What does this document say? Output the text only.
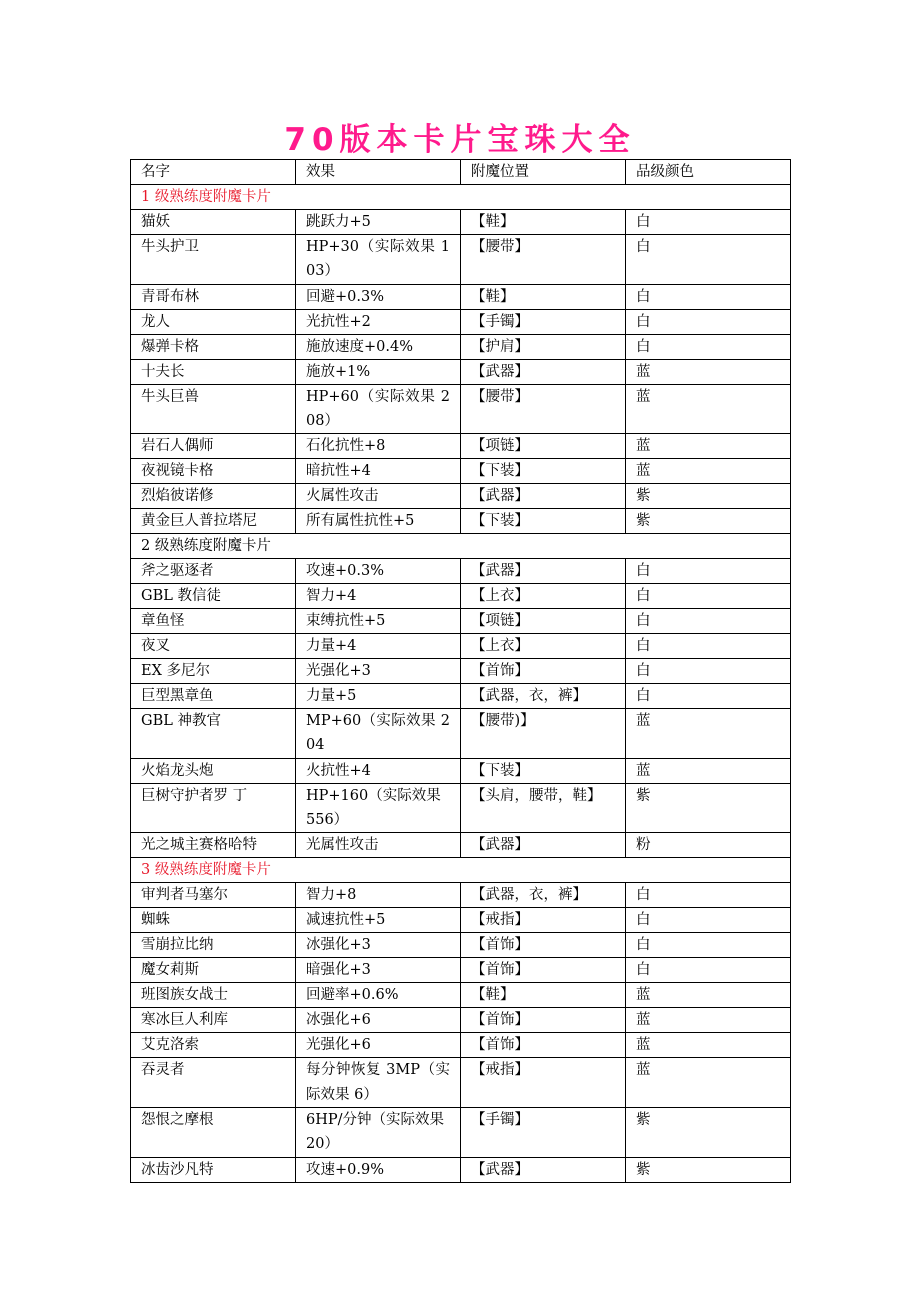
70版本卡片宝珠大全
名字	效果	附魔位置	品级颜色
1 级熟练度附魔卡片			
猫妖	跳跃力+5	【鞋】	白
牛头护卫	HP+30（实际效果 103）	【腰带】	白
青哥布林	回避+0.3%	【鞋】	白
龙人	光抗性+2	【手镯】	白
爆弹卡格	施放速度+0.4%	【护肩】	白
十夫长	施放+1%	【武器】	蓝
牛头巨兽	HP+60（实际效果 208）	【腰带】	蓝
岩石人偶师	石化抗性+8	【项链】	蓝
夜视镜卡格	暗抗性+4	【下装】	蓝
烈焰彼诺修	火属性攻击	【武器】	紫
黄金巨人普拉塔尼	所有属性抗性+5	【下装】	紫
2 级熟练度附魔卡片			
斧之驱逐者	攻速+0.3%	【武器】	白
GBL 教信徒	智力+4	【上衣】	白
章鱼怪	束缚抗性+5	【项链】	白
夜叉	力量+4	【上衣】	白
EX 多尼尔	光强化+3	【首饰】	白
巨型黑章鱼	力量+5	【武器，衣，裤】	白
GBL 神教官	MP+60（实际效果 204	【腰带)】	蓝
火焰龙头炮	火抗性+4	【下装】	蓝
巨树守护者罗 丁	HP+160（实际效果 556）	【头肩，腰带，鞋】	紫
光之城主赛格哈特	光属性攻击	【武器】	粉
3 级熟练度附魔卡片			
审判者马塞尔	智力+8	【武器，衣，裤】	白
蜘蛛	减速抗性+5	【戒指】	白
雪崩拉比纳	冰强化+3	【首饰】	白
魔女莉斯	暗强化+3	【首饰】	白
班图族女战士	回避率+0.6%	【鞋】	蓝
寒冰巨人利库	冰强化+6	【首饰】	蓝
艾克洛索	光强化+6	【首饰】	蓝
吞灵者	每分钟恢复 3MP（实际效果 6）	【戒指】	蓝
怨恨之摩根	6HP/分钟（实际效果 20）	【手镯】	紫
冰齿沙凡特	攻速+0.9%	【武器】	紫
